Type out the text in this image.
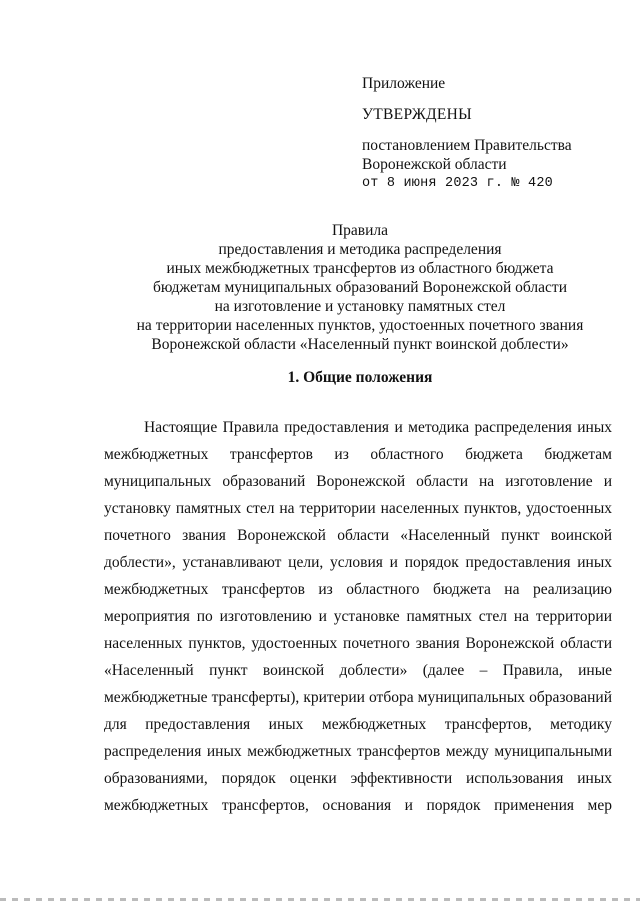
Приложение
УТВЕРЖДЕНЫ
постановлением Правительства
Воронежской области
от 8 июня 2023 г. № 420
Правила
предоставления и методика распределения
иных межбюджетных трансфертов из областного бюджета
бюджетам муниципальных образований Воронежской области
на изготовление и установку памятных стел
на территории населенных пунктов, удостоенных почетного звания
Воронежской области «Населенный пункт воинской доблести»
1. Общие положения
Настоящие Правила предоставления и методика распределения иных
межбюджетных трансфертов из областного бюджета бюджетам
муниципальных образований Воронежской области на изготовление и
установку памятных стел на территории населенных пунктов, удостоенных
почетного звания Воронежской области «Населенный пункт воинской
доблести», устанавливают цели, условия и порядок предоставления иных
межбюджетных трансфертов из областного бюджета на реализацию
мероприятия по изготовлению и установке памятных стел на территории
населенных пунктов, удостоенных почетного звания Воронежской области
«Населенный пункт воинской доблести» (далее – Правила, иные
межбюджетные трансферты), критерии отбора муниципальных образований
для предоставления иных межбюджетных трансфертов, методику
распределения иных межбюджетных трансфертов между муниципальными
образованиями, порядок оценки эффективности использования иных
межбюджетных трансфертов, основания и порядок применения мер
